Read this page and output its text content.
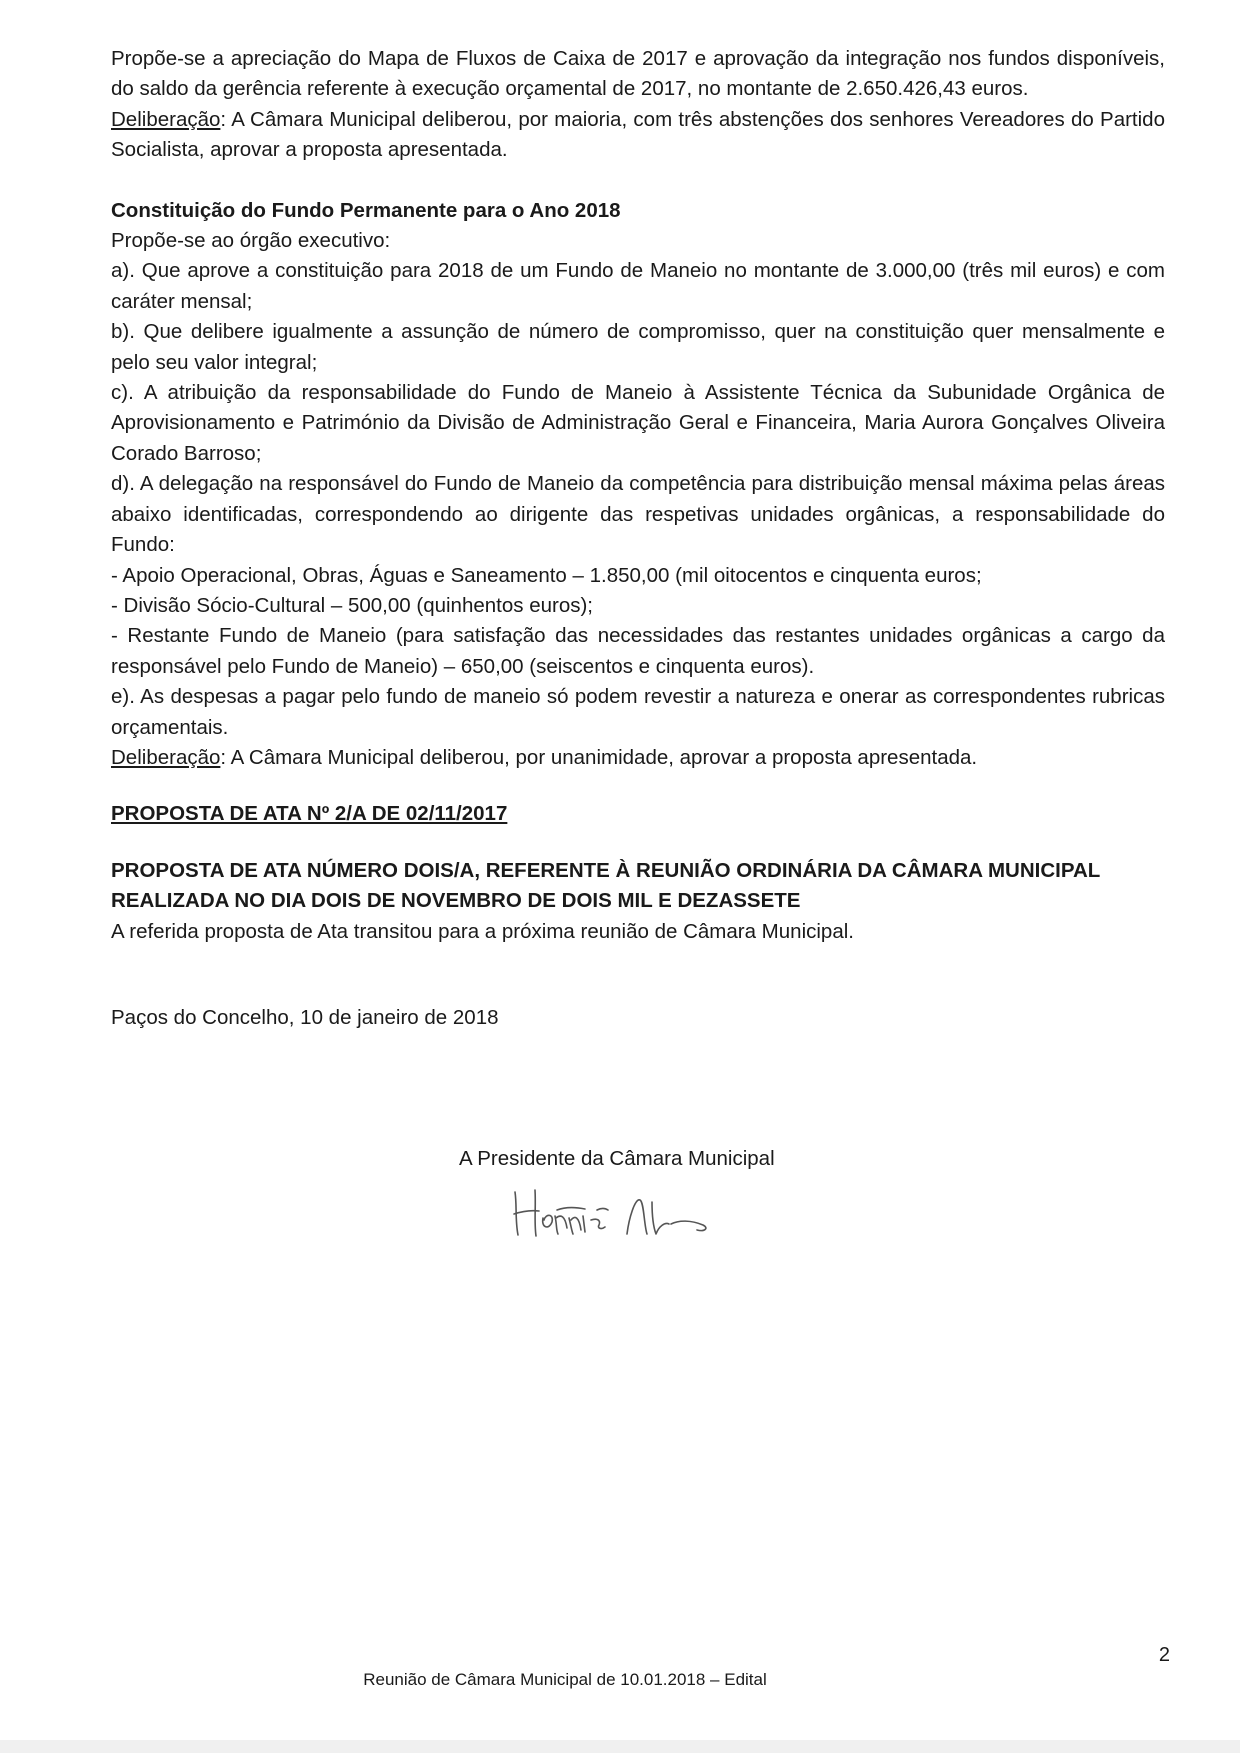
Propõe-se a apreciação do Mapa de Fluxos de Caixa de 2017 e aprovação da integração nos fundos disponíveis, do saldo da gerência referente à execução orçamental de 2017, no montante de 2.650.426,43 euros.

Deliberação: A Câmara Municipal deliberou, por maioria, com três abstenções dos senhores Vereadores do Partido Socialista, aprovar a proposta apresentada.

Constituição do Fundo Permanente para o Ano 2018

Propõe-se ao órgão executivo:

a). Que aprove a constituição para 2018 de um Fundo de Maneio no montante de 3.000,00 (três mil euros) e com caráter mensal;

b). Que delibere igualmente a assunção de número de compromisso, quer na constituição quer mensalmente e pelo seu valor integral;

c). A atribuição da responsabilidade do Fundo de Maneio à Assistente Técnica da Subunidade Orgânica de Aprovisionamento e Património da Divisão de Administração Geral e Financeira, Maria Aurora Gonçalves Oliveira Corado Barroso;

d). A delegação na responsável do Fundo de Maneio da competência para distribuição mensal máxima pelas áreas abaixo identificadas, correspondendo ao dirigente das respetivas unidades orgânicas, a responsabilidade do Fundo:

- Apoio Operacional, Obras, Águas e Saneamento – 1.850,00 (mil oitocentos e cinquenta euros;

- Divisão Sócio-Cultural – 500,00 (quinhentos euros);

- Restante Fundo de Maneio (para satisfação das necessidades das restantes unidades orgânicas a cargo da responsável pelo Fundo de Maneio) – 650,00 (seiscentos e cinquenta euros).

e). As despesas a pagar pelo fundo de maneio só podem revestir a natureza e onerar as correspondentes rubricas orçamentais.

Deliberação: A Câmara Municipal deliberou, por unanimidade, aprovar a proposta apresentada.

PROPOSTA DE ATA Nº 2/A DE 02/11/2017

PROPOSTA DE ATA NÚMERO DOIS/A, REFERENTE À REUNIÃO ORDINÁRIA DA CÂMARA MUNICIPAL REALIZADA NO DIA DOIS DE NOVEMBRO DE DOIS MIL E DEZASSETE

A referida proposta de Ata transitou para a próxima reunião de Câmara Municipal.

Paços do Concelho, 10 de janeiro de 2018

A Presidente da Câmara Municipal
2
Reunião de Câmara Municipal de 10.01.2018 – Edital
